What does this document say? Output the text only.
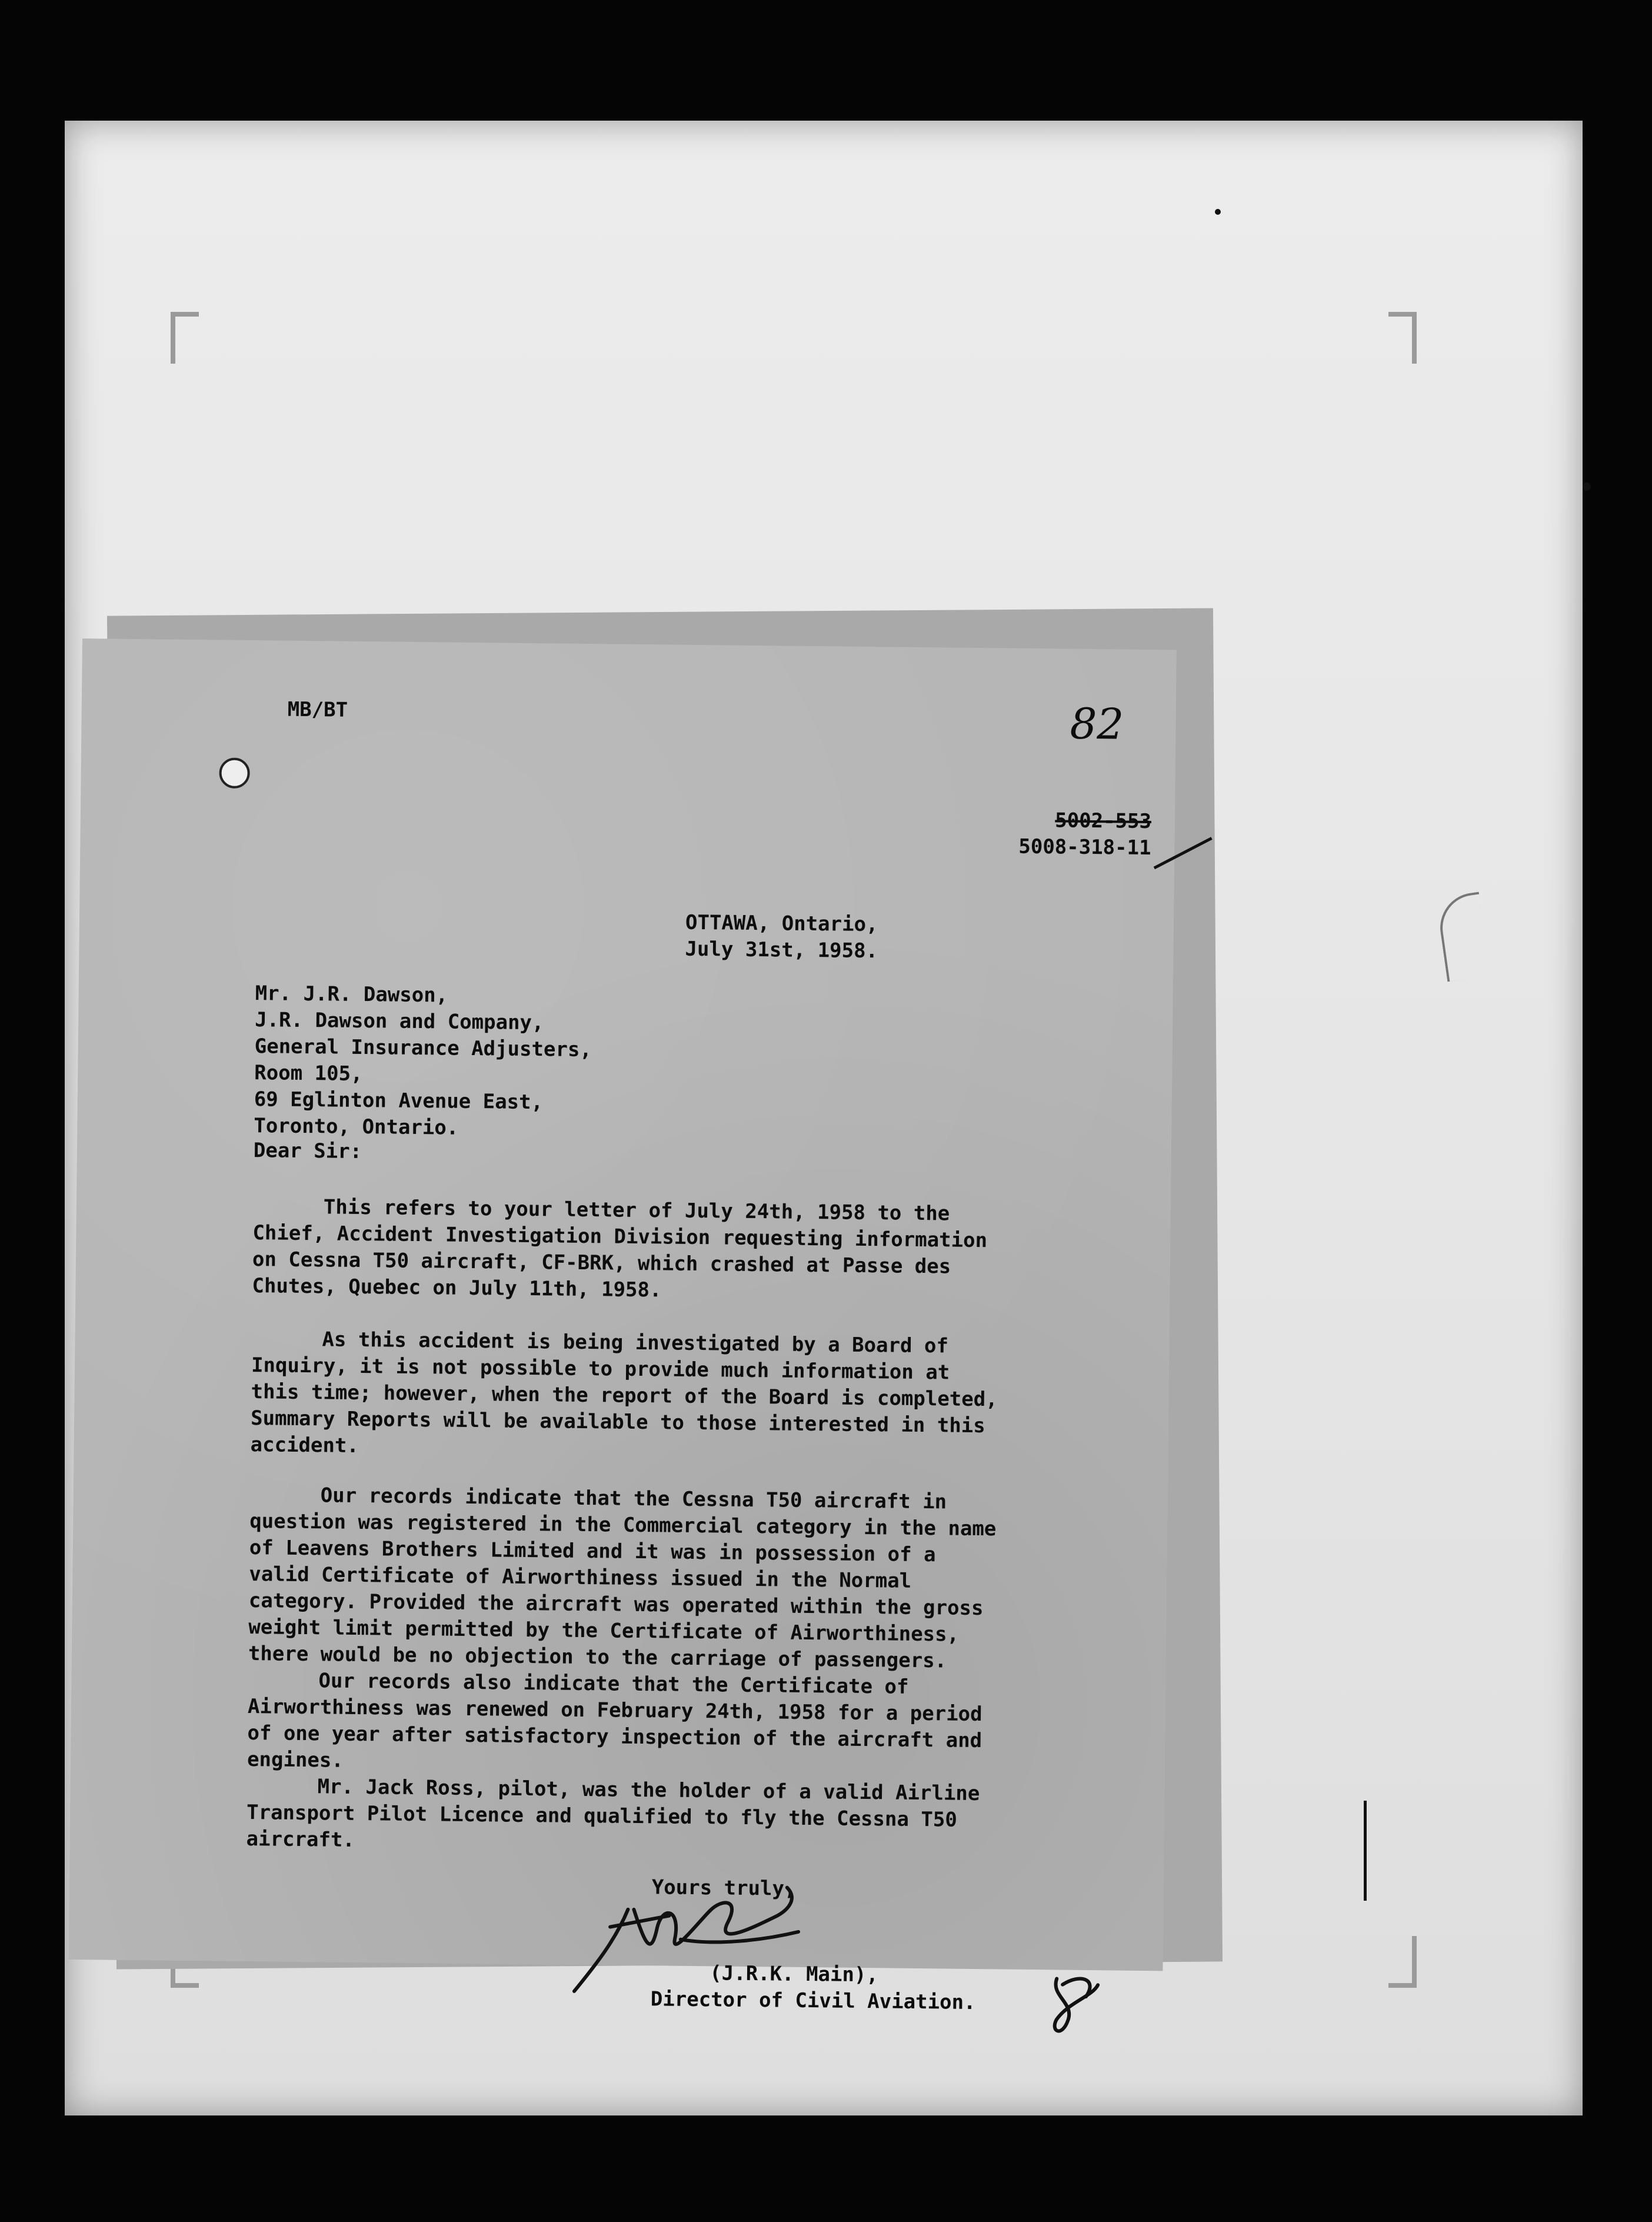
MB/BT	82
5002-553
5008-318-11
OTTAWA, Ontario,
July 31st, 1958.
Mr. J.R. Dawson,
J.R. Dawson and Company,
General Insurance Adjusters,
Room 105,
69 Eglinton Avenue East,
Toronto, Ontario.
Dear Sir:

This refers to your letter of July 24th, 1958 to the Chief, Accident Investigation Division requesting information on Cessna T50 aircraft, CF-BRK, which crashed at Passe des Chutes, Quebec on July 11th, 1958.

As this accident is being investigated by a Board of Inquiry, it is not possible to provide much information at this time; however, when the report of the Board is completed, Summary Reports will be available to those interested in this accident.

Our records indicate that the Cessna T50 aircraft in question was registered in the Commercial category in the name of Leavens Brothers Limited and it was in possession of a valid Certificate of Airworthiness issued in the Normal category. Provided the aircraft was operated within the gross weight limit permitted by the Certificate of Airworthiness, there would be no objection to the carriage of passengers.

Our records also indicate that the Certificate of Airworthiness was renewed on February 24th, 1958 for a period of one year after satisfactory inspection of the aircraft and engines.

Mr. Jack Ross, pilot, was the holder of a valid Airline Transport Pilot Licence and qualified to fly the Cessna T50 aircraft.

Yours truly,
(J.R.K. Main),
Director of Civil Aviation.
